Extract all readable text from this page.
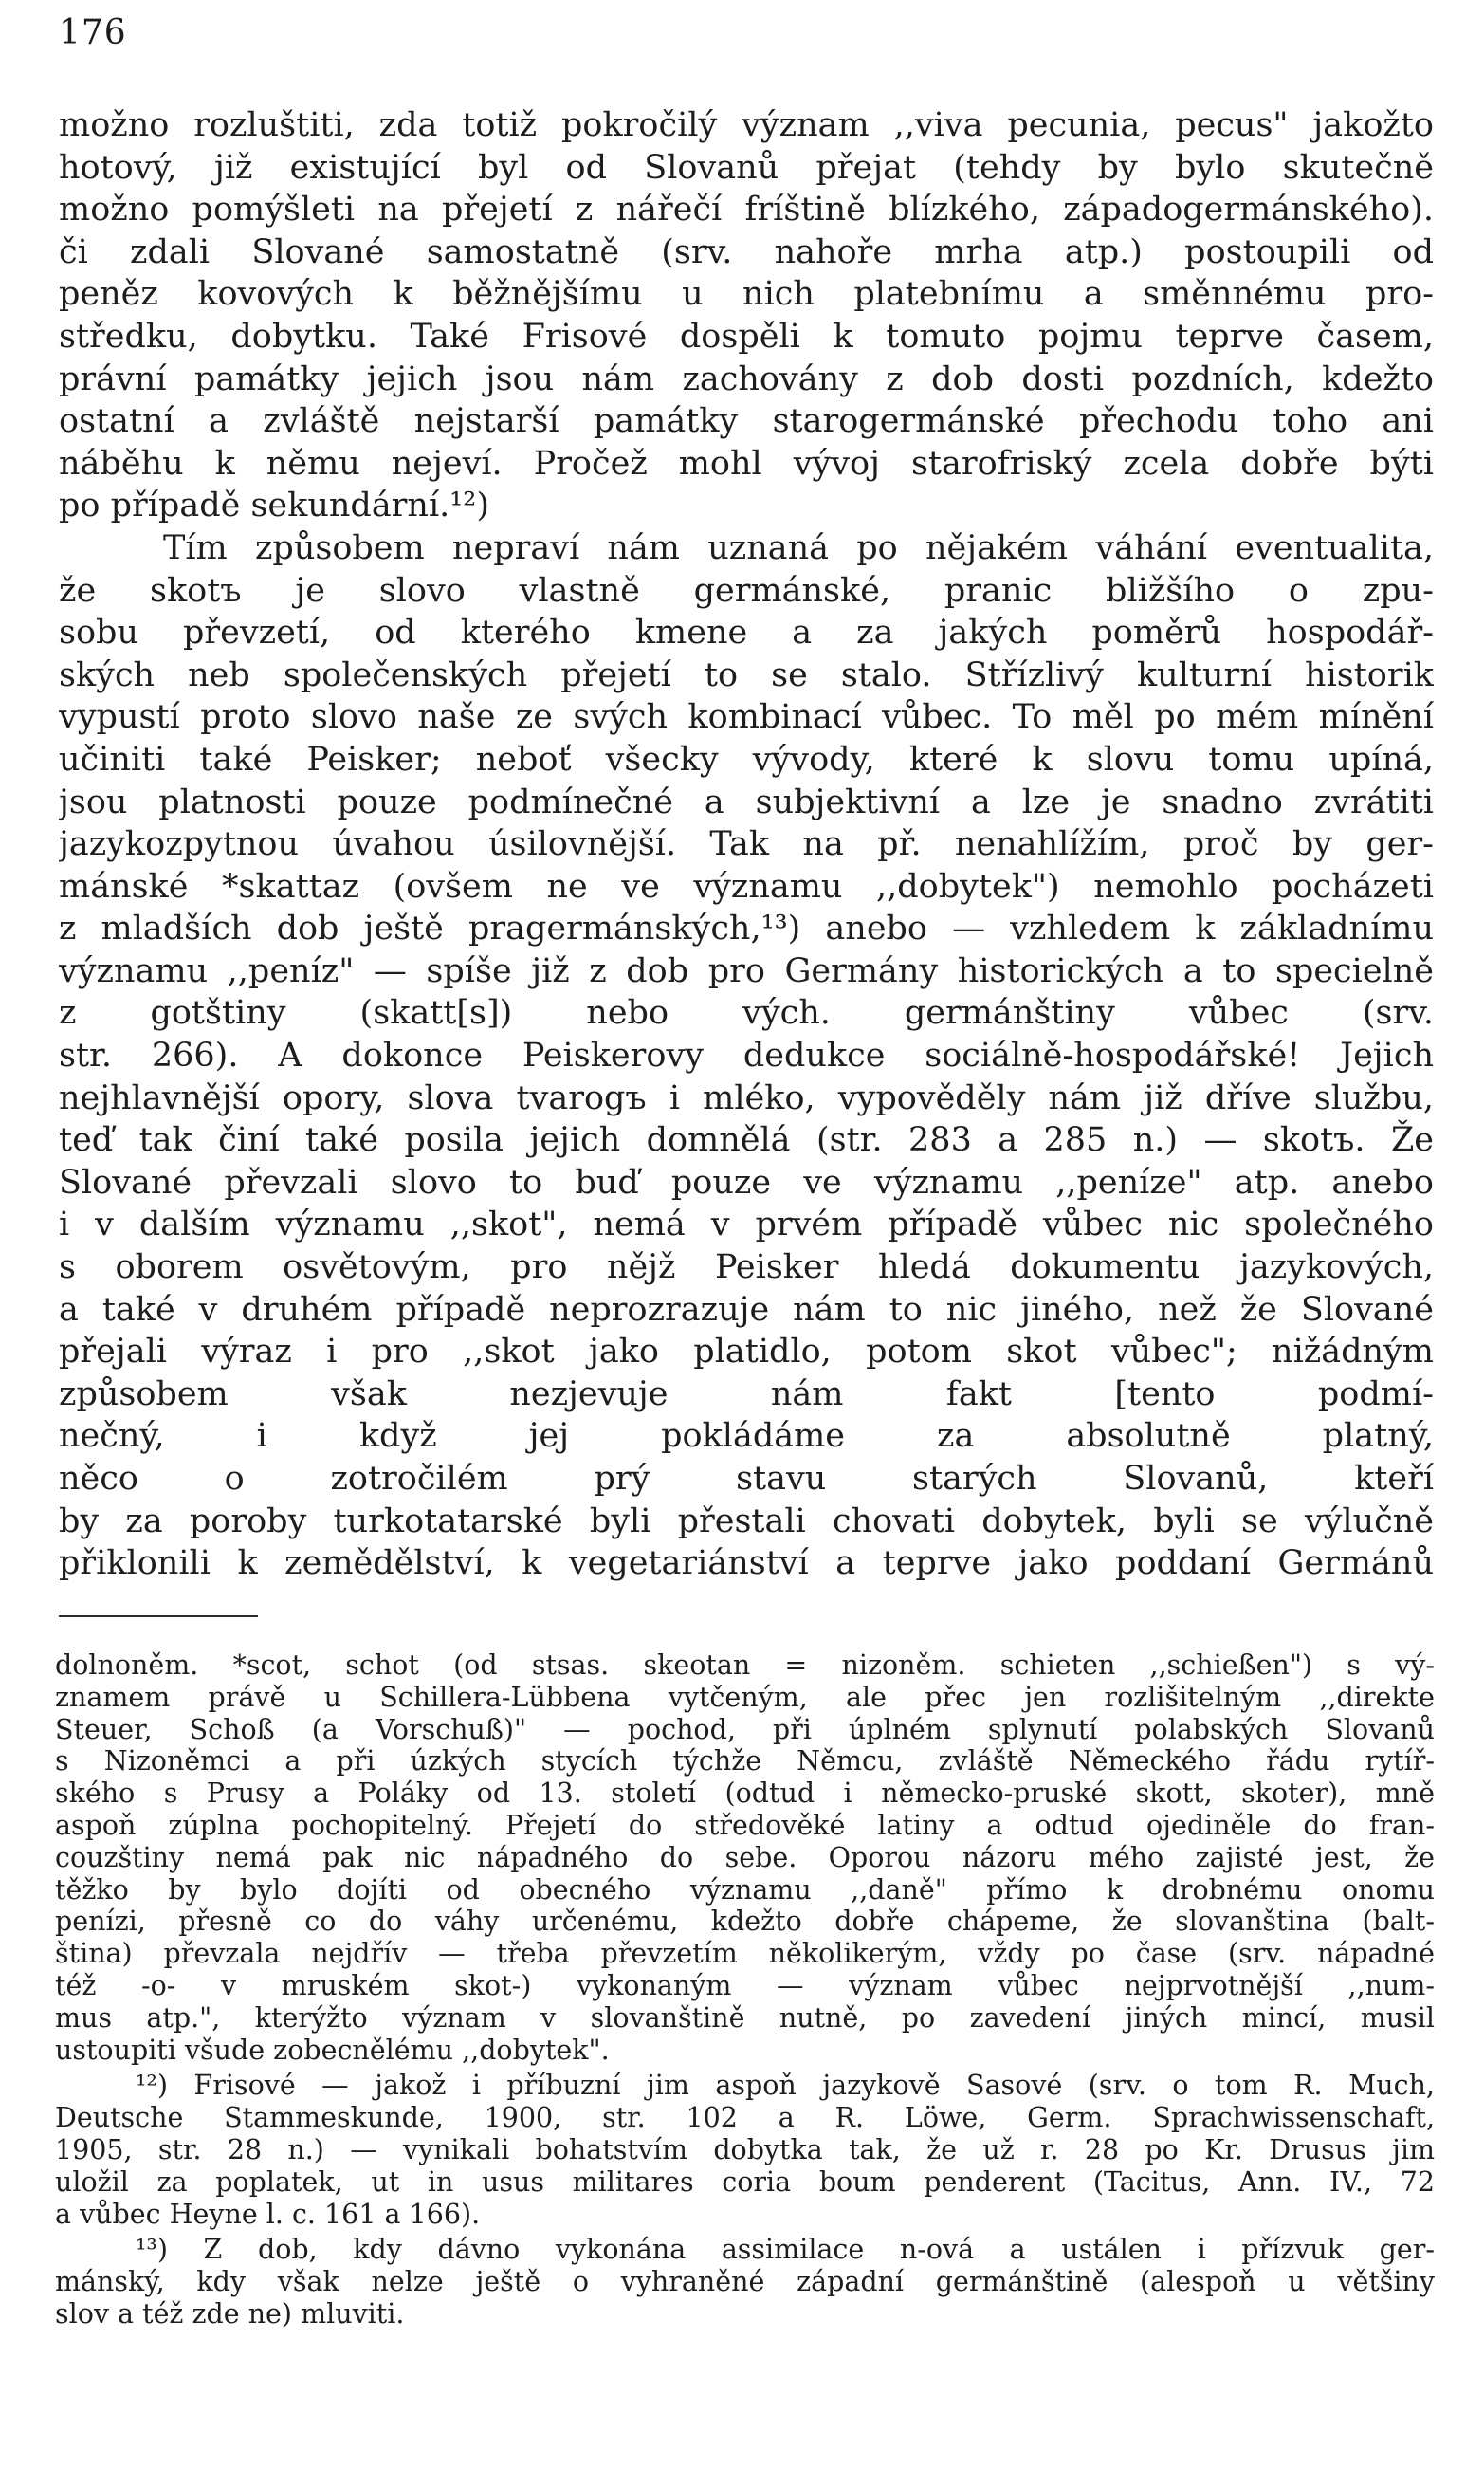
176
možno rozluštiti, zda totiž pokročilý význam ,,viva pecunia, pecus" jakožto
hotový, již existující byl od Slovanů přejat (tehdy by bylo skutečně
možno pomýšleti na přejetí z nářečí fríštině blízkého, západogermánského).
či zdali Slované samostatně (srv. nahoře mrha atp.) postoupili od
peněz kovových k běžnějšímu u nich platebnímu a směnnému pro-
středku, dobytku. Také Frisové dospěli k tomuto pojmu teprve časem,
právní památky jejich jsou nám zachovány z dob dosti pozdních, kdežto
ostatní a zvláště nejstarší památky starogermánské přechodu toho ani
náběhu k němu nejeví. Pročež mohl vývoj starofriský zcela dobře býti
po případě sekundární.¹²)
Tím způsobem nepraví nám uznaná po nějakém váhání eventualita,
že skotъ je slovo vlastně germánské, pranic bližšího o zpu-
sobu převzetí, od kterého kmene a za jakých poměrů hospodář-
ských neb společenských přejetí to se stalo. Střízlivý kulturní historik
vypustí proto slovo naše ze svých kombinací vůbec. To měl po mém mínění
učiniti také Peisker; neboť všecky vývody, které k slovu tomu upíná,
jsou platnosti pouze podmínečné a subjektivní a lze je snadno zvrátiti
jazykozpytnou úvahou úsilovnější. Tak na př. nenahlížím, proč by ger-
mánské *skattaz (ovšem ne ve významu ,,dobytek") nemohlo pocházeti
z mladších dob ještě pragermánských,¹³) anebo — vzhledem k základnímu
významu ,,peníz" — spíše již z dob pro Germány historických a to specielně
z gotštiny (skatt[s]) nebo vých. germánštiny vůbec (srv.
str. 266). A dokonce Peiskerovy dedukce sociálně-hospodářské! Jejich
nejhlavnější opory, slova tvarogъ i mléko, vypověděly nám již dříve službu,
teď tak činí také posila jejich domnělá (str. 283 a 285 n.) — skotъ. Že
Slované převzali slovo to buď pouze ve významu ,,peníze" atp. anebo
i v dalším významu ,,skot", nemá v prvém případě vůbec nic společného
s oborem osvětovým, pro nějž Peisker hledá dokumentu jazykových,
a také v druhém případě neprozrazuje nám to nic jiného, než že Slované
přejali výraz i pro ,,skot jako platidlo, potom skot vůbec"; nižádným
způsobem však nezjevuje nám fakt [tento podmí-
nečný, i když jej pokládáme za absolutně platný,
něco o zotročilém prý stavu starých Slovanů, kteří
by za poroby turkotatarské byli přestali chovati dobytek, byli se výlučně
přiklonili k zemědělství, k vegetariánství a teprve jako poddaní Germánů
dolnoněm. *scot, schot (od stsas. skeotan = nizoněm. schieten ,,schießen") s vý-
znamem právě u Schillera-Lübbena vytčeným, ale přec jen rozlišitelným ,,direkte
Steuer, Schoß (a Vorschuß)" — pochod, při úplném splynutí polabských Slovanů
s Nizoněmci a při úzkých stycích týchže Němcu, zvláště Německého řádu rytíř-
ského s Prusy a Poláky od 13. století (odtud i německo-pruské skott, skoter), mně
aspoň zúplna pochopitelný. Přejetí do středověké latiny a odtud ojediněle do fran-
couzštiny nemá pak nic nápadného do sebe. Oporou názoru mého zajisté jest, že
těžko by bylo dojíti od obecného významu ,,daně" přímo k drobnému onomu
penízi, přesně co do váhy určenému, kdežto dobře chápeme, že slovanština (balt-
ština) převzala nejdřív — třeba převzetím několikerým, vždy po čase (srv. nápadné
též -o- v mruském skot-) vykonaným — význam vůbec nejprvotnější ,,num-
mus atp.", kterýžto význam v slovanštině nutně, po zavedení jiných mincí, musil
ustoupiti všude zobecnělému ,,dobytek".
¹²) Frisové — jakož i příbuzní jim aspoň jazykově Sasové (srv. o tom R. Much,
Deutsche Stammeskunde, 1900, str. 102 a R. Löwe, Germ. Sprachwissenschaft,
1905, str. 28 n.) — vynikali bohatstvím dobytka tak, že už r. 28 po Kr. Drusus jim
uložil za poplatek, ut in usus militares coria boum penderent (Tacitus, Ann. IV., 72
a vůbec Heyne l. c. 161 a 166).
¹³) Z dob, kdy dávno vykonána assimilace n-ová a ustálen i přízvuk ger-
mánský, kdy však nelze ještě o vyhraněné západní germánštině (alespoň u většiny
slov a též zde ne) mluviti.
